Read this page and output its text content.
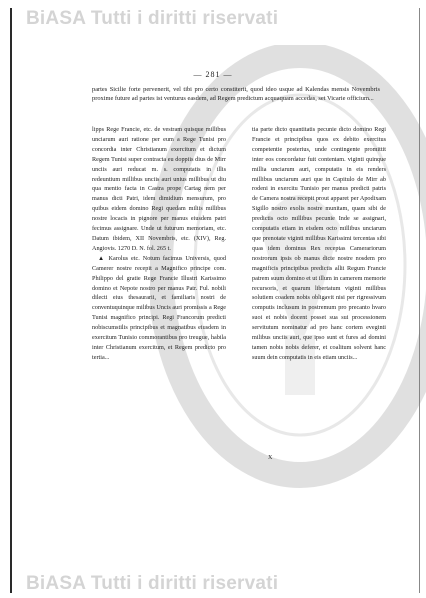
BiASA Tutti i diritti riservati
BiASA Tutti i diritti riservati
— 281 —
partes Sicilie forte pervenerit, vel tibi pro certo constiterit, quod ideo usque ad Kalendas mensis Novembris proxime future ad partes ist venturus easdem, ad Regem predictum acquaquam accedas, set Vicarie officium...

lipps Rege Francie, etc. de vestram quisque millibus unciarum auri ratione per eum a Rege Tunisi pro concordia inter Christianum exercitum et dictum Regem Tunisi super contracta eu doppiis dius de Mirr unciis auri reducat m. s. computatis in illis redeuntium millibus unciis auri unius millibus ut diu qua mentio facta in Castra prope Cartag nem per manus dicti Patri, idem dimidium mensurum, pro quibus eidem domino Regi quedam miliis millibus nostre locacis in pignore per manus eiusdem patri fecimus assignare. Unde ut futurum memoriam, etc. Datum ibidem, XII Novembris, etc. (XIV), Reg. Angiovis. 1270 D. N. fol. 265 t.

▲ Karolus etc. Notum facimus Universis, quod Camerer nostre recepit a Magnifico principe com. Philippo del gratie Rege Francie Illustri Karissimo domino et Nepote nostro per manus Patr. Ful. nobili dilecti eius thesaurarii, et familiaris nostri de conventuquinque milibus Uncis auri promissis a Rege Tunisi magnifico principi. Regi Francorum predicti nobiscumstilis principibus et magnatibus eiusdem in exercitum Tunisio commorantibus pro treugue, habila inter Christianum exercitum, et Regem predicto pro tertia...

tia parte dicto quantitatis pecunie dicto domino Regi Francie et principibus quos ex debito exercitus competentie posterius, unde contingente promittit inter eos concordatur fuit contentam. viginti quinque millia unciarum auri, computatis in eis renders millibus unciarum auri que in Capitulo de Mirr ab rodeni in exercitu Tunisio per manus predicti patris de Camera nostra recepit prout apparet per Apodixam Sigillo nostro exolis nostre munitam, quam sibi de predictis octo millibus pecunie Inde se assignari, computatis etiam in eisdem octo millibus unciarum que prenotate viginti millibus Karissimi tercentas sibi quas idem dominus Rex receptas Camerariorum nostrorum ipsis ob manus dicte nostre nosdem pro magnificis principibus predictis allii Regum Francie patrem suum domino et ut illum in camerem memorie recursoris, et quarum libertatum viginti millibus solutiem coadem nobis obligavit nisi per rigressivum computis inclusum in postremum pro precanto hvaro suoi et nobis docent posset sua sui processionem servitutum nominatur ad pro hanc cortem eveginti milibus unciis auri, que ipso sunt et fures ad domini tamen nobis nobis deferer, et coalitum solvent hanc suum dein computatis in eis etiam unciis...

X
